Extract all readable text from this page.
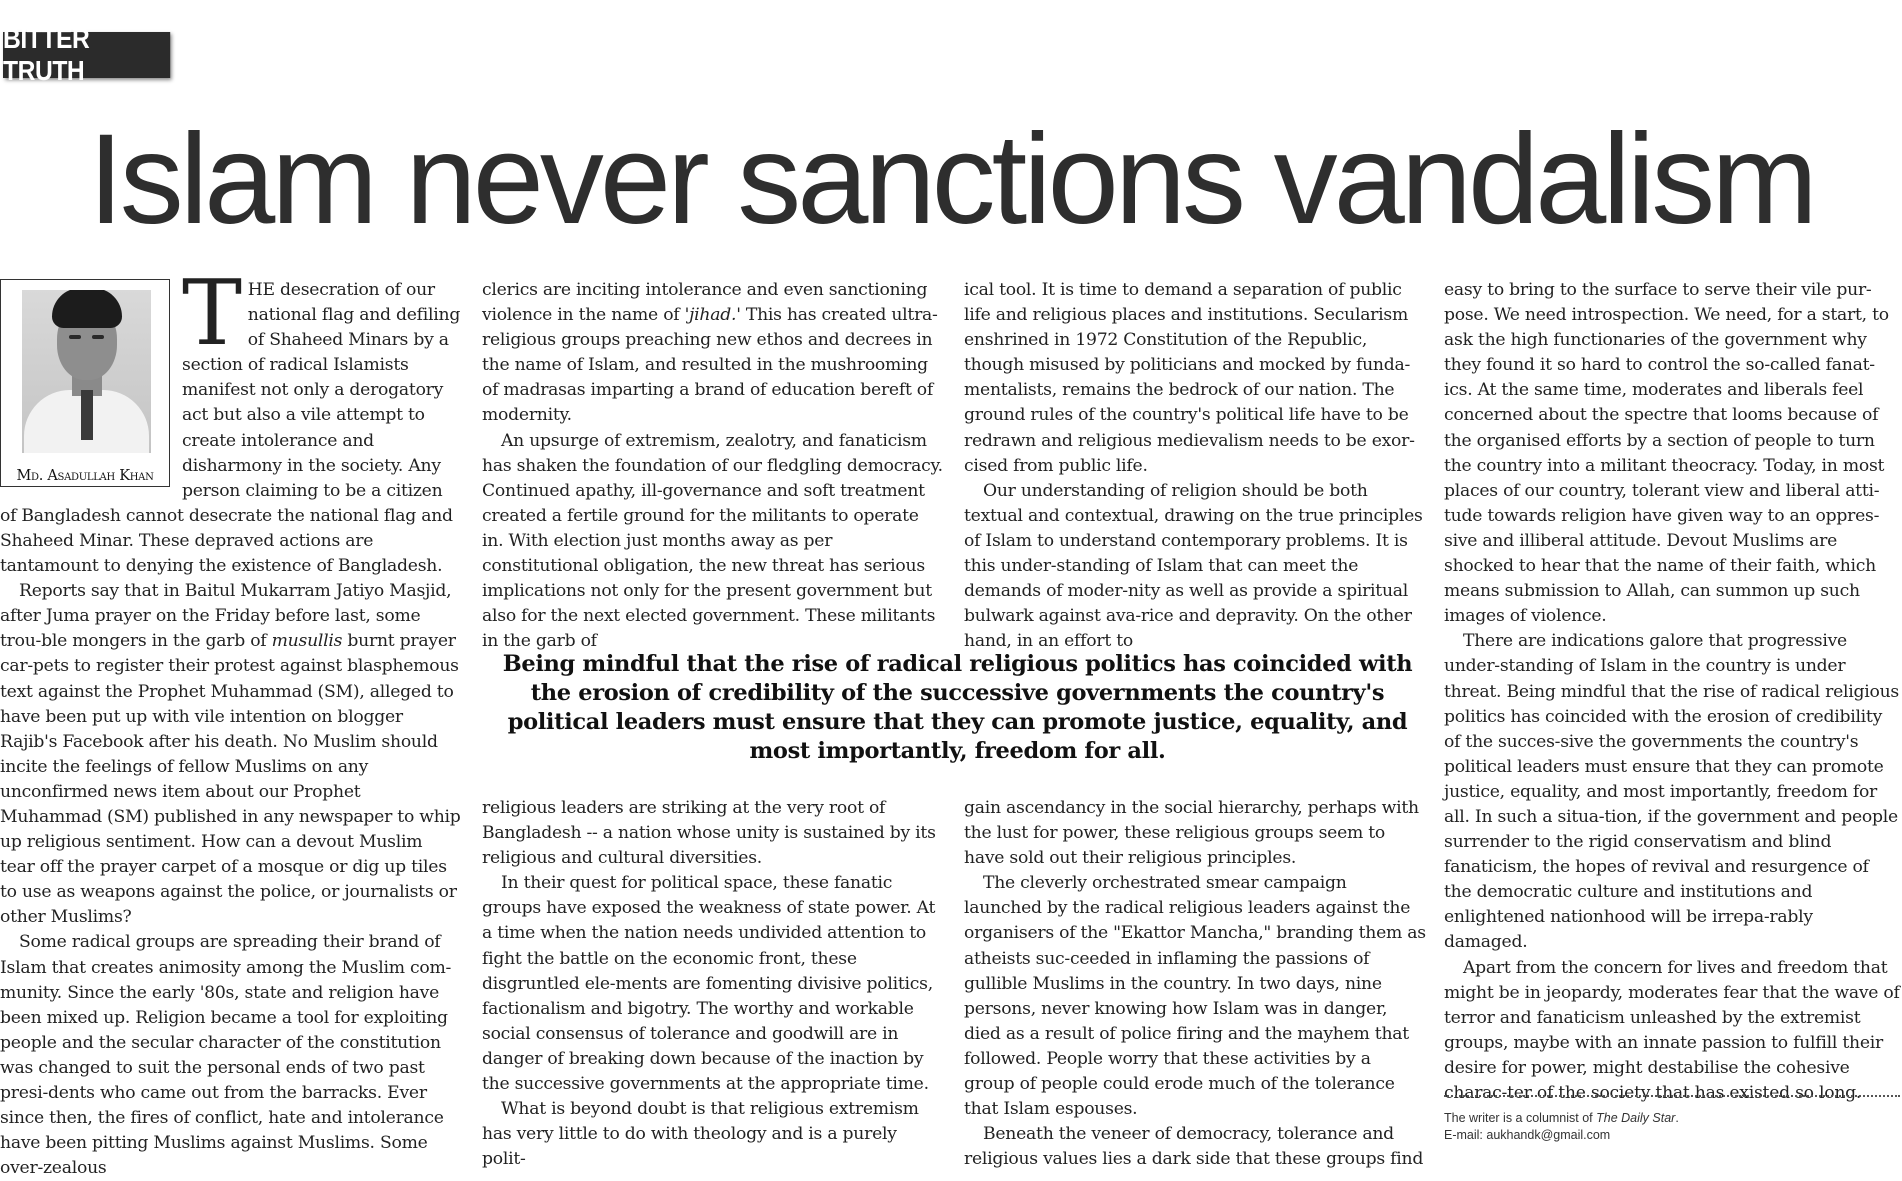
BITTER TRUTH
Islam never sanctions vandalism
Md. Asadullah Khan

THE desecration of our national flag and defiling of Shaheed Minars by a section of radical Islamists manifest not only a derogatory act but also a vile attempt to create intolerance and disharmony in the society. Any person claiming to be a citizen of Bangladesh cannot desecrate the national flag and Shaheed Minar. These depraved actions are tantamount to denying the existence of Bangladesh.

Reports say that in Baitul Mukarram Jatiyo Masjid, after Juma prayer on the Friday before last, some trou-ble mongers in the garb of musullis burnt prayer car-pets to register their protest against blasphemous text against the Prophet Muhammad (SM), alleged to have been put up with vile intention on blogger Rajib's Facebook after his death. No Muslim should incite the feelings of fellow Muslims on any unconfirmed news item about our Prophet Muhammad (SM) published in any newspaper to whip up religious sentiment. How can a devout Muslim tear off the prayer carpet of a mosque or dig up tiles to use as weapons against the police, or journalists or other Muslims?

Some radical groups are spreading their brand of Islam that creates animosity among the Muslim com-munity. Since the early '80s, state and religion have been mixed up. Religion became a tool for exploiting people and the secular character of the constitution was changed to suit the personal ends of two past presi-dents who came out from the barracks. Ever since then, the fires of conflict, hate and intolerance have been pitting Muslims against Muslims. Some over-zealous

clerics are inciting intolerance and even sanctioning violence in the name of 'jihad.' This has created ultra-religious groups preaching new ethos and decrees in the name of Islam, and resulted in the mushrooming of madrasas imparting a brand of education bereft of modernity.

An upsurge of extremism, zealotry, and fanaticism has shaken the foundation of our fledgling democracy. Continued apathy, ill-governance and soft treatment created a fertile ground for the militants to operate in. With election just months away as per constitutional obligation, the new threat has serious implications not only for the present government but also for the next elected government. These militants in the garb of

ical tool. It is time to demand a separation of public life and religious places and institutions. Secularism enshrined in 1972 Constitution of the Republic, though misused by politicians and mocked by funda-mentalists, remains the bedrock of our nation. The ground rules of the country's political life have to be redrawn and religious medievalism needs to be exor-cised from public life.

Our understanding of religion should be both textual and contextual, drawing on the true principles of Islam to understand contemporary problems. It is this under-standing of Islam that can meet the demands of moder-nity as well as provide a spiritual bulwark against ava-rice and depravity. On the other hand, in an effort to

Being mindful that the rise of radical religious politics has coincided with the erosion of credibility of the successive governments the country's political leaders must ensure that they can promote justice, equality, and most importantly, freedom for all.

religious leaders are striking at the very root of Bangladesh -- a nation whose unity is sustained by its religious and cultural diversities.

In their quest for political space, these fanatic groups have exposed the weakness of state power. At a time when the nation needs undivided attention to fight the battle on the economic front, these disgruntled ele-ments are fomenting divisive politics, factionalism and bigotry. The worthy and workable social consensus of tolerance and goodwill are in danger of breaking down because of the inaction by the successive governments at the appropriate time.

What is beyond doubt is that religious extremism has very little to do with theology and is a purely polit-

gain ascendancy in the social hierarchy, perhaps with the lust for power, these religious groups seem to have sold out their religious principles.

The cleverly orchestrated smear campaign launched by the radical religious leaders against the organisers of the "Ekattor Mancha," branding them as atheists suc-ceeded in inflaming the passions of gullible Muslims in the country. In two days, nine persons, never knowing how Islam was in danger, died as a result of police firing and the mayhem that followed. People worry that these activities by a group of people could erode much of the tolerance that Islam espouses.

Beneath the veneer of democracy, tolerance and religious values lies a dark side that these groups find

easy to bring to the surface to serve their vile pur-pose. We need introspection. We need, for a start, to ask the high functionaries of the government why they found it so hard to control the so-called fanat-ics. At the same time, moderates and liberals feel concerned about the spectre that looms because of the organised efforts by a section of people to turn the country into a militant theocracy. Today, in most places of our country, tolerant view and liberal atti-tude towards religion have given way to an oppres-sive and illiberal attitude. Devout Muslims are shocked to hear that the name of their faith, which means submission to Allah, can summon up such images of violence.

There are indications galore that progressive under-standing of Islam in the country is under threat. Being mindful that the rise of radical religious politics has coincided with the erosion of credibility of the succes-sive the governments the country's political leaders must ensure that they can promote justice, equality, and most importantly, freedom for all. In such a situa-tion, if the government and people surrender to the rigid conservatism and blind fanaticism, the hopes of revival and resurgence of the democratic culture and institutions and enlightened nationhood will be irrepa-rably damaged.

Apart from the concern for lives and freedom that might be in jeopardy, moderates fear that the wave of terror and fanaticism unleashed by the extremist groups, maybe with an innate passion to fulfill their desire for power, might destabilise the cohesive charac-ter of the society that has existed so long.

The writer is a columnist of The Daily Star.
E-mail: aukhandk@gmail.com
